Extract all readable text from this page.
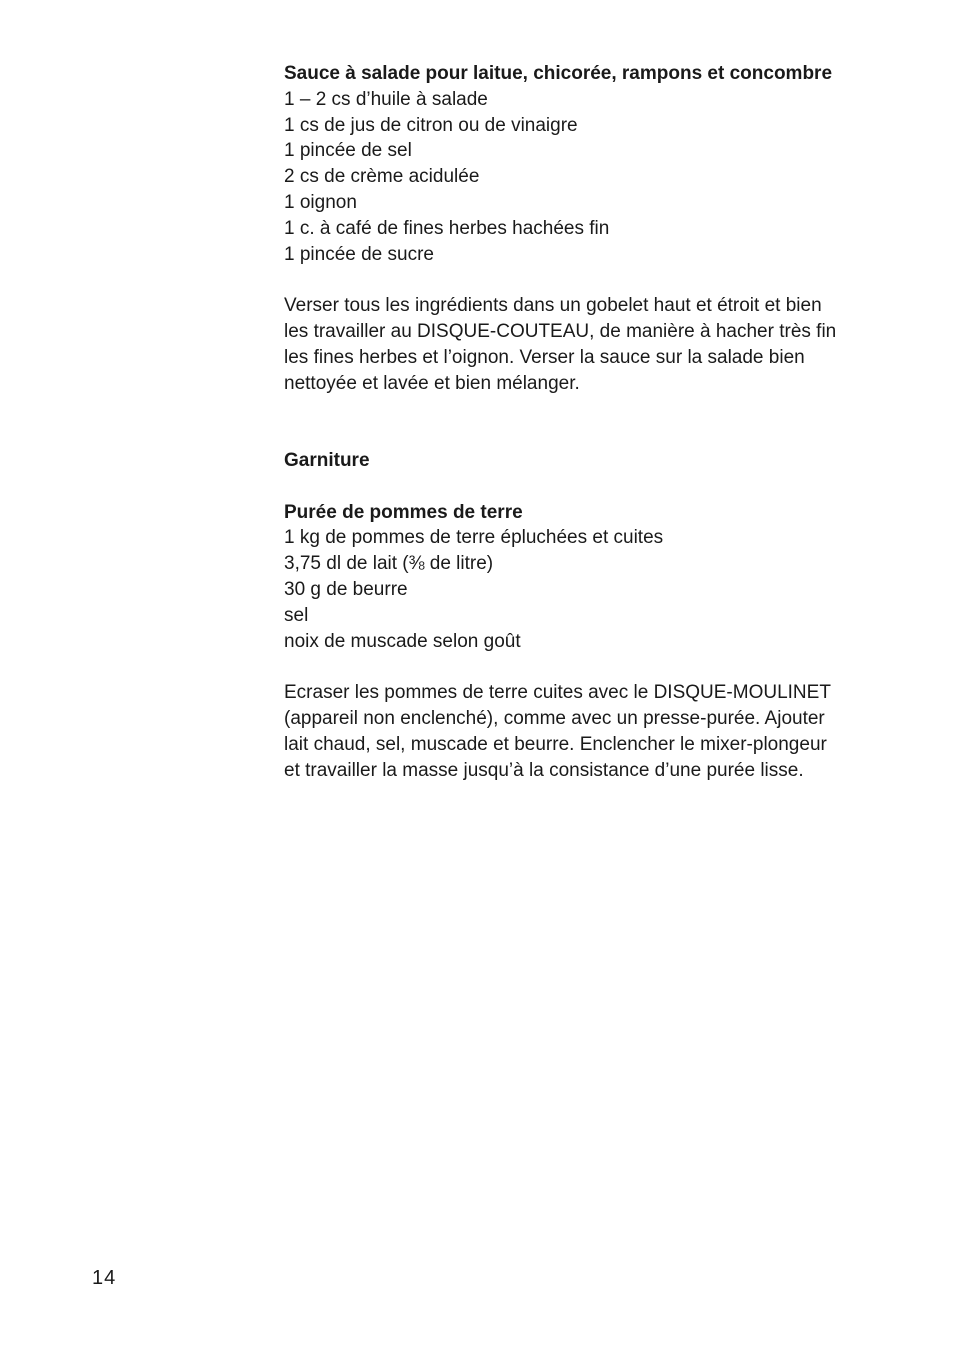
Sauce à salade pour laitue, chicorée, rampons et concombre
1 – 2 cs d’huile à salade
1 cs de jus de citron ou de vinaigre
1 pincée de sel
2 cs de crème acidulée
1 oignon
1 c. à café de fines herbes hachées fin
1 pincée de sucre
Verser tous les ingrédients dans un gobelet haut et étroit et bien
les travailler au DISQUE-COUTEAU, de manière à hacher très fin
les fines herbes et l’oignon. Verser la sauce sur la salade bien
nettoyée et lavée et bien mélanger.
Garniture
Purée de pommes de terre
1 kg de pommes de terre épluchées et cuites
3,75 dl de lait (⅜ de litre)
30 g de beurre
sel
noix de muscade selon goût
Ecraser les pommes de terre cuites avec le DISQUE-MOULINET
(appareil non enclenché), comme avec un presse-purée. Ajouter
lait chaud, sel, muscade et beurre. Enclencher le mixer-plongeur
et travailler la masse jusqu’à la consistance d’une purée lisse.
14
